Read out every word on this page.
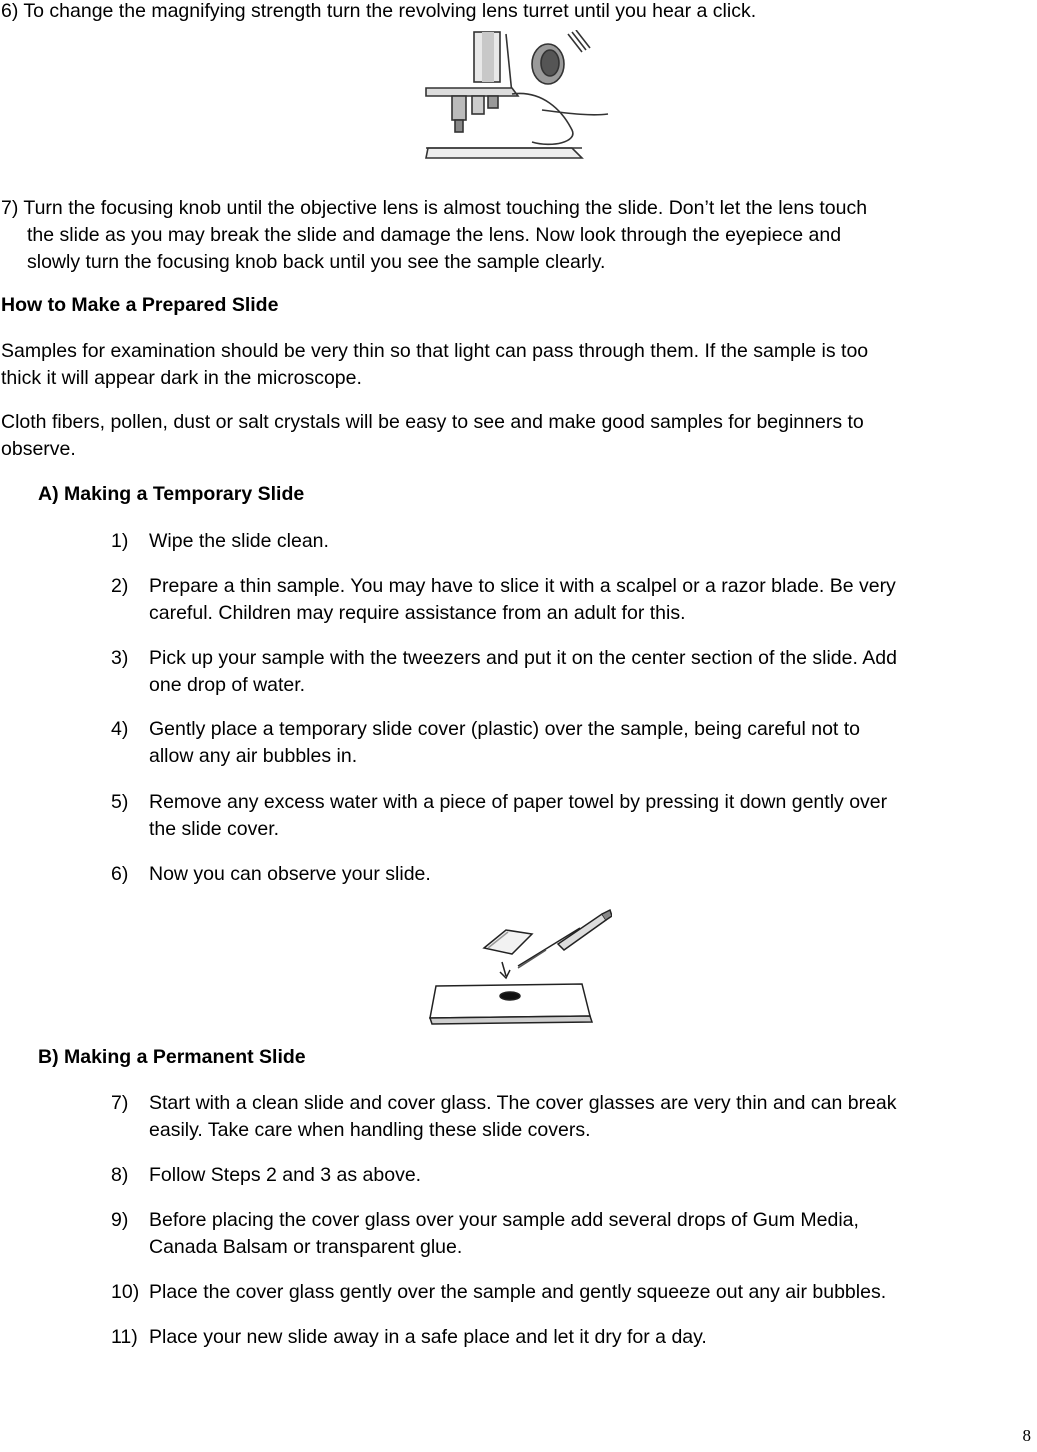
6) To change the magnifying strength turn the revolving lens turret until you hear a click.
7) Turn the focusing knob until the objective lens is almost touching the slide. Don’t let the lens touch
the slide as you may break the slide and damage the lens. Now look through the eyepiece and
slowly turn the focusing knob back until you see the sample clearly.
How to Make a Prepared Slide
Samples for examination should be very thin so that light can pass through them. If the sample is too
thick it will appear dark in the microscope.
Cloth fibers, pollen, dust or salt crystals will be easy to see and make good samples for beginners to
observe.
A) Making a Temporary Slide
1) Wipe the slide clean.
2) Prepare a thin sample. You may have to slice it with a scalpel or a razor blade. Be very
careful. Children may require assistance from an adult for this.
3) Pick up your sample with the tweezers and put it on the center section of the slide. Add
one drop of water.
4) Gently place a temporary slide cover (plastic) over the sample, being careful not to
allow any air bubbles in.
5) Remove any excess water with a piece of paper towel by pressing it down gently over
the slide cover.
6) Now you can observe your slide.
B) Making a Permanent Slide
7) Start with a clean slide and cover glass. The cover glasses are very thin and can break
easily. Take care when handling these slide covers.
8) Follow Steps 2 and 3 as above.
9) Before placing the cover glass over your sample add several drops of Gum Media,
Canada Balsam or transparent glue.
10) Place the cover glass gently over the sample and gently squeeze out any air bubbles.
11) Place your new slide away in a safe place and let it dry for a day.
8
